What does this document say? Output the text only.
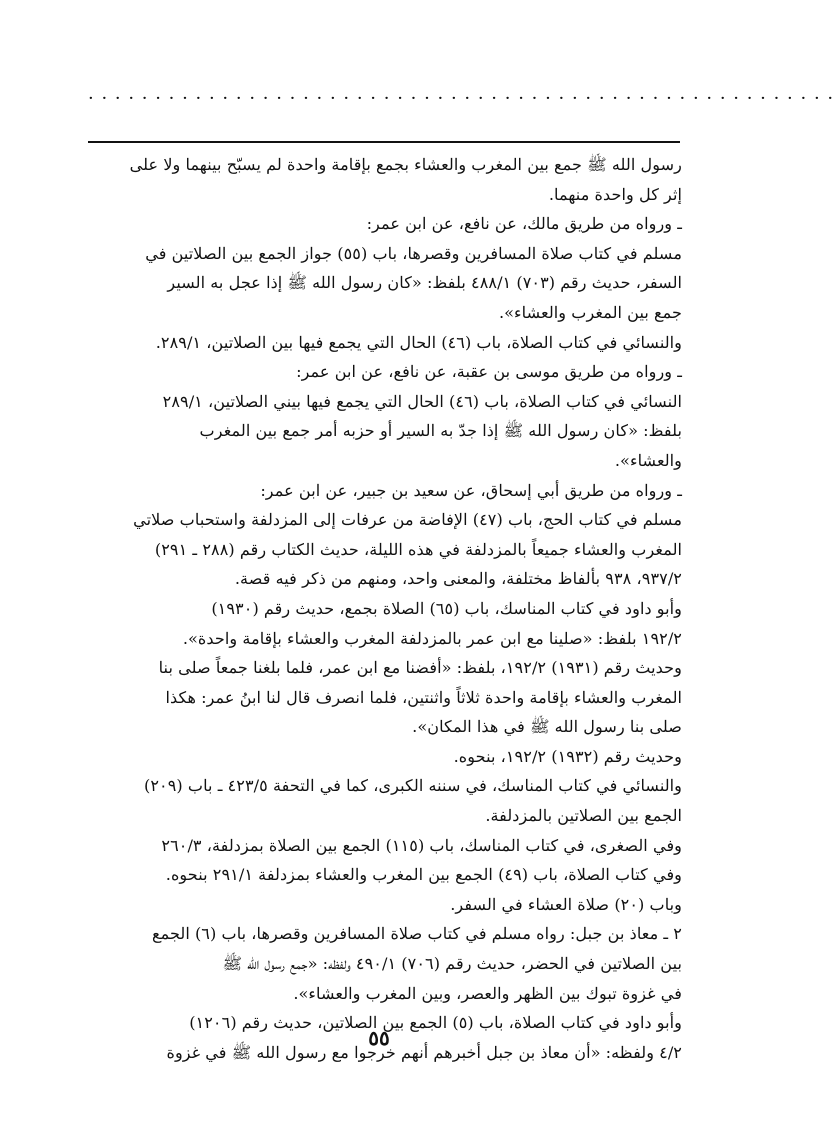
· · · · · · · · · · · · · · · · · · · · · · · · · · · · · · · · · · · · · · · · · · · · · · · · · · · · · · · ·
رسول الله ﷺ جمع بين المغرب والعشاء بجمع بإقامة واحدة لم يسبّح بينهما ولا على
إثر كل واحدة منهما.
ـ ورواه من طريق مالك، عن نافع، عن ابن عمر:
مسلم في كتاب صلاة المسافرين وقصرها، باب (٥٥) جواز الجمع بين الصلاتين في
السفر، حديث رقم (٧٠٣) ٤٨٨/١ بلفظ: «كان رسول الله ﷺ إذا عجل به السير
جمع بين المغرب والعشاء».
والنسائي في كتاب الصلاة، باب (٤٦) الحال التي يجمع فيها بين الصلاتين، ٢٨٩/١.
ـ ورواه من طريق موسى بن عقبة، عن نافع، عن ابن عمر:
النسائي في كتاب الصلاة، باب (٤٦) الحال التي يجمع فيها بيني الصلاتين، ٢٨٩/١
بلفظ: «كان رسول الله ﷺ إذا جدّ به السير أو حزبه أمر جمع بين المغرب
والعشاء».
ـ ورواه من طريق أبي إسحاق، عن سعيد بن جبير، عن ابن عمر:
مسلم في كتاب الحج، باب (٤٧) الإفاضة من عرفات إلى المزدلفة واستحباب صلاتي
المغرب والعشاء جميعاً بالمزدلفة في هذه الليلة، حديث الكتاب رقم (٢٨٨ ـ ٢٩١)
٩٣٧/٢، ٩٣٨ بألفاظ مختلفة، والمعنى واحد، ومنهم من ذكر فيه قصة.
وأبو داود في كتاب المناسك، باب (٦٥) الصلاة بجمع، حديث رقم (١٩٣٠)
١٩٢/٢ بلفظ: «صلينا مع ابن عمر بالمزدلفة المغرب والعشاء بإقامة واحدة».
وحديث رقم (١٩٣١) ١٩٢/٢، بلفظ: «أفضنا مع ابن عمر، فلما بلغنا جمعاً صلى بنا
المغرب والعشاء بإقامة واحدة ثلاثاً واثنتين، فلما انصرف قال لنا ابنُ عمر: هكذا
صلى بنا رسول الله ﷺ في هذا المكان».
وحديث رقم (١٩٣٢) ١٩٢/٢، بنحوه.
والنسائي في كتاب المناسك، في سننه الكبرى، كما في التحفة ٤٢٣/٥ ـ باب (٢٠٩)
الجمع بين الصلاتين بالمزدلفة.
وفي الصغرى، في كتاب المناسك، باب (١١٥) الجمع بين الصلاة بمزدلفة، ٢٦٠/٣
وفي كتاب الصلاة، باب (٤٩) الجمع بين المغرب والعشاء بمزدلفة ٢٩١/١ بنحوه.
وباب (٢٠) صلاة العشاء في السفر.
٢ ـ معاذ بن جبل: رواه مسلم في كتاب صلاة المسافرين وقصرها، باب (٦) الجمع
بين الصلاتين في الحضر، حديث رقم (٧٠٦) ٤٩٠/١ ولفظه: «جمع رسول الله ﷺ
في غزوة تبوك بين الظهر والعصر، وبين المغرب والعشاء».
وأبو داود في كتاب الصلاة، باب (٥) الجمع بين الصلاتين، حديث رقم (١٢٠٦)
٤/٢ ولفظه: «أن معاذ بن جبل أخبرهم أنهم خرجوا مع رسول الله ﷺ في غزوة
٥٥
